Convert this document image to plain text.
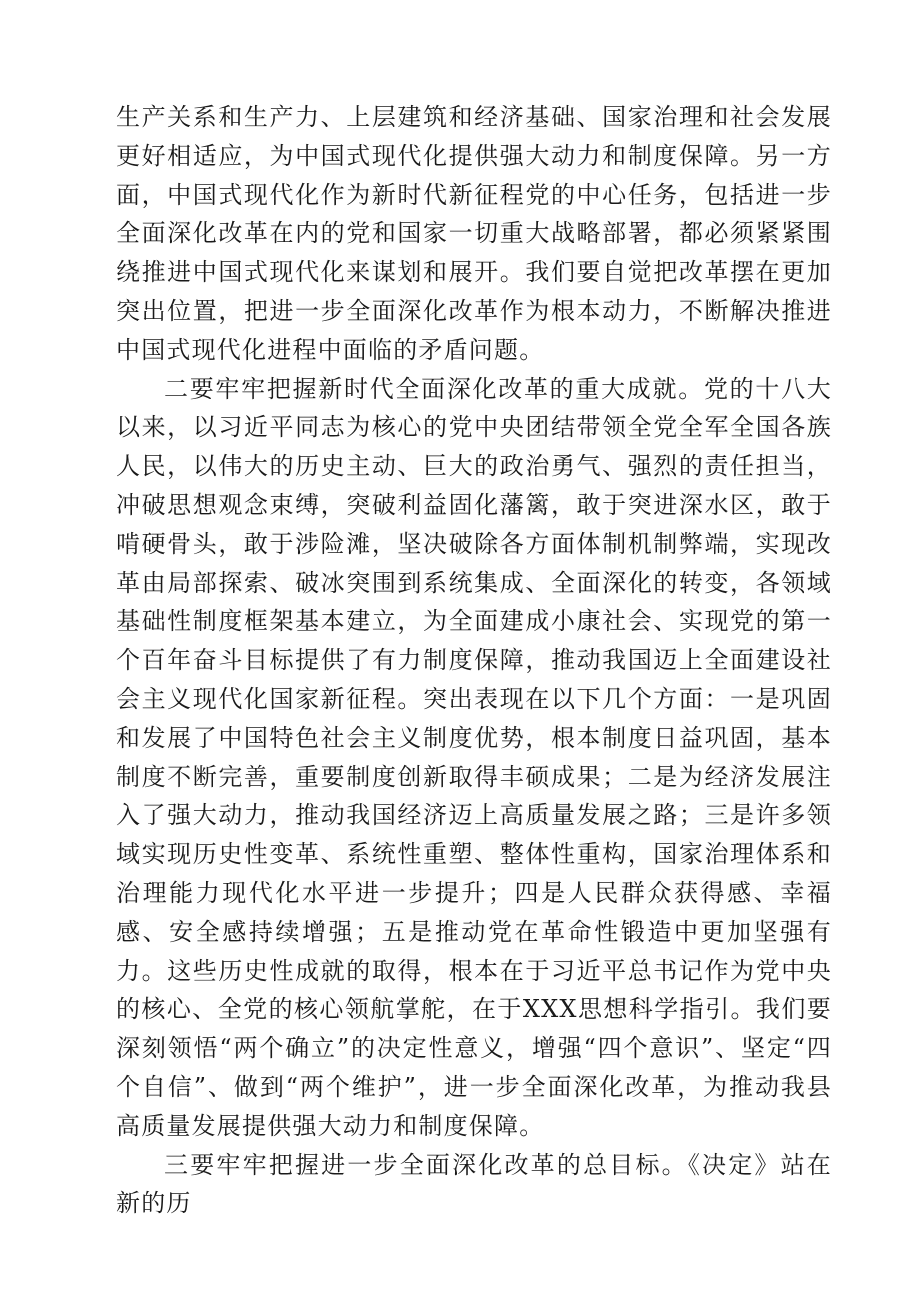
生产关系和生产力、上层建筑和经济基础、国家治理和社会发展更好相适应，为中国式现代化提供强大动力和制度保障。另一方面，中国式现代化作为新时代新征程党的中心任务，包括进一步全面深化改革在内的党和国家一切重大战略部署，都必须紧紧围绕推进中国式现代化来谋划和展开。我们要自觉把改革摆在更加突出位置，把进一步全面深化改革作为根本动力，不断解决推进中国式现代化进程中面临的矛盾问题。

二要牢牢把握新时代全面深化改革的重大成就。党的十八大以来，以习近平同志为核心的党中央团结带领全党全军全国各族人民，以伟大的历史主动、巨大的政治勇气、强烈的责任担当，冲破思想观念束缚，突破利益固化藩篱，敢于突进深水区，敢于啃硬骨头，敢于涉险滩，坚决破除各方面体制机制弊端，实现改革由局部探索、破冰突围到系统集成、全面深化的转变，各领域基础性制度框架基本建立，为全面建成小康社会、实现党的第一个百年奋斗目标提供了有力制度保障，推动我国迈上全面建设社会主义现代化国家新征程。突出表现在以下几个方面：一是巩固和发展了中国特色社会主义制度优势，根本制度日益巩固，基本制度不断完善，重要制度创新取得丰硕成果；二是为经济发展注入了强大动力，推动我国经济迈上高质量发展之路；三是许多领域实现历史性变革、系统性重塑、整体性重构，国家治理体系和治理能力现代化水平进一步提升；四是人民群众获得感、幸福感、安全感持续增强；五是推动党在革命性锻造中更加坚强有力。这些历史性成就的取得，根本在于习近平总书记作为党中央的核心、全党的核心领航掌舵，在于XXX思想科学指引。我们要深刻领悟“两个确立”的决定性意义，增强“四个意识”、坚定“四个自信”、做到“两个维护”，进一步全面深化改革，为推动我县高质量发展提供强大动力和制度保障。

三要牢牢把握进一步全面深化改革的总目标。《决定》站在新的历
